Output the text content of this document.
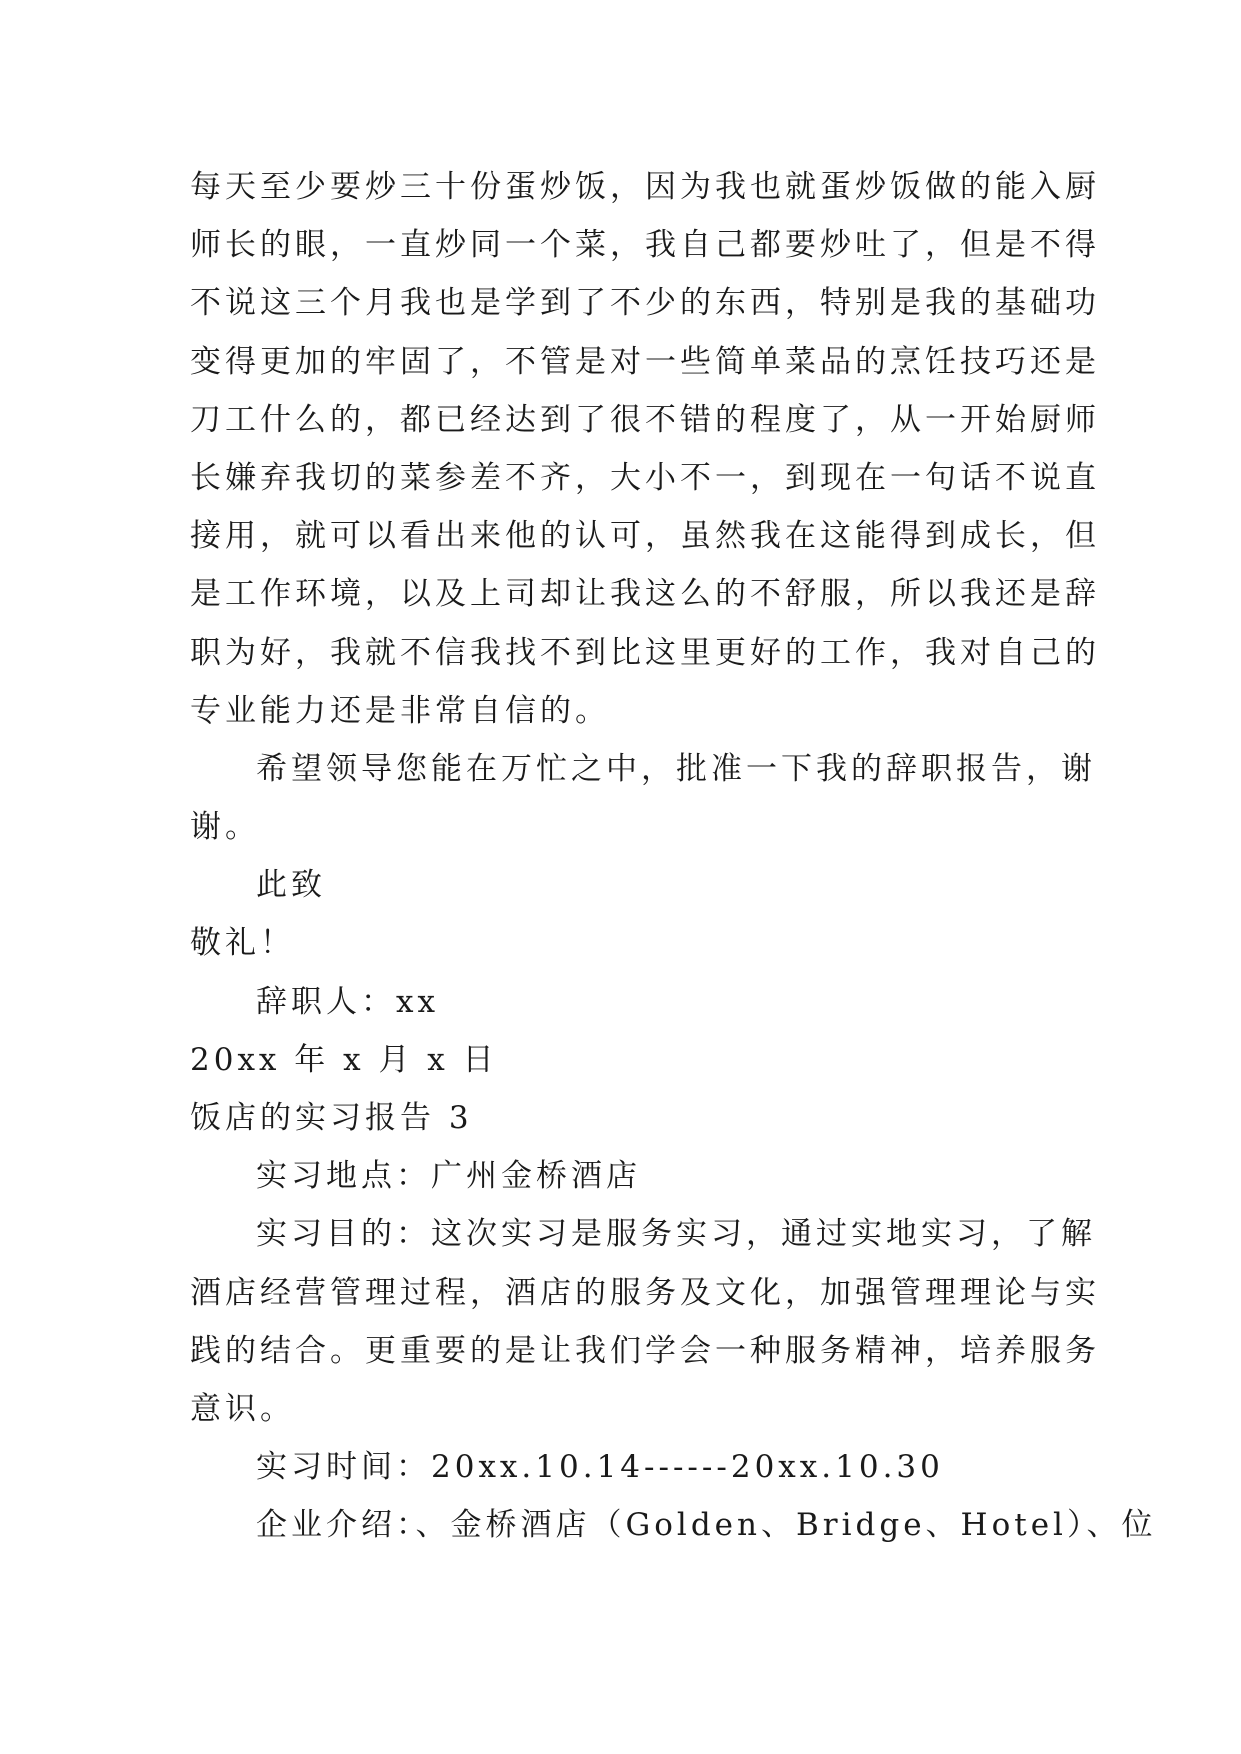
每天至少要炒三十份蛋炒饭，因为我也就蛋炒饭做的能入厨
师长的眼，一直炒同一个菜，我自己都要炒吐了，但是不得
不说这三个月我也是学到了不少的东西，特别是我的基础功
变得更加的牢固了，不管是对一些简单菜品的烹饪技巧还是
刀工什么的，都已经达到了很不错的程度了，从一开始厨师
长嫌弃我切的菜参差不齐，大小不一，到现在一句话不说直
接用，就可以看出来他的认可，虽然我在这能得到成长，但
是工作环境，以及上司却让我这么的不舒服，所以我还是辞
职为好，我就不信我找不到比这里更好的工作，我对自己的
专业能力还是非常自信的。
希望领导您能在万忙之中，批准一下我的辞职报告，谢
谢。
此致
敬礼！
辞职人：xx
20xx 年 x 月 x 日
饭店的实习报告 3
实习地点：广州金桥酒店
实习目的：这次实习是服务实习，通过实地实习，了解
酒店经营管理过程，酒店的服务及文化，加强管理理论与实
践的结合。更重要的是让我们学会一种服务精神，培养服务
意识。
实习时间：20xx.10.14------20xx.10.30
企业介绍：、金桥酒店（Golden、Bridge、Hotel）、位
